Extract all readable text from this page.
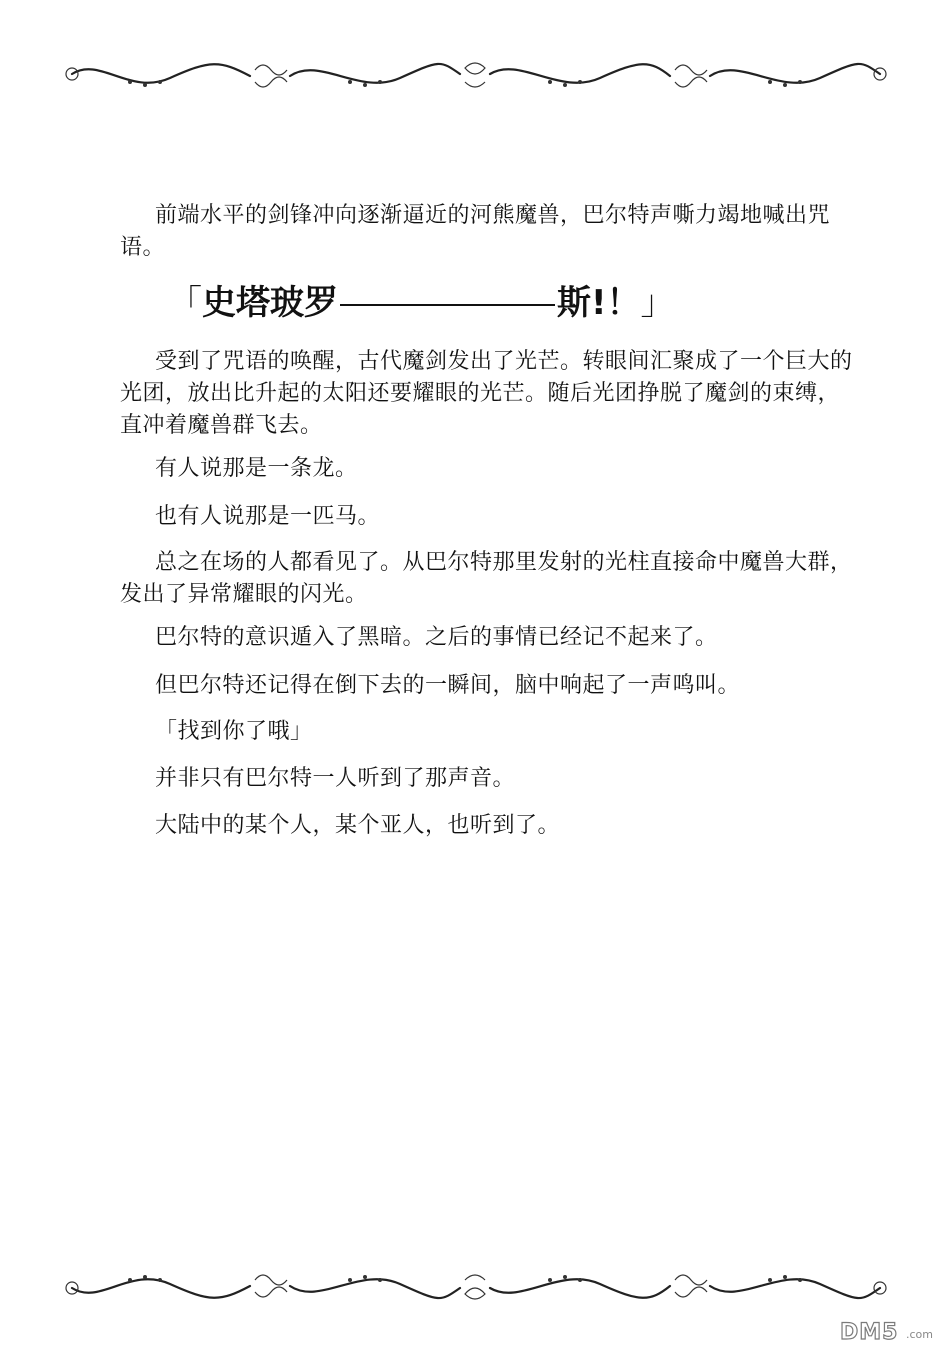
前端水平的剑锋冲向逐渐逼近的河熊魔兽，巴尔特声嘶力竭地喊出咒语。

「史塔玻罗	斯!！」

受到了咒语的唤醒，古代魔剑发出了光芒。转眼间汇聚成了一个巨大的光团，放出比升起的太阳还要耀眼的光芒。随后光团挣脱了魔剑的束缚，直冲着魔兽群飞去。

有人说那是一条龙。

也有人说那是一匹马。

总之在场的人都看见了。从巴尔特那里发射的光柱直接命中魔兽大群，发出了异常耀眼的闪光。

巴尔特的意识遁入了黑暗。之后的事情已经记不起来了。

但巴尔特还记得在倒下去的一瞬间，脑中响起了一声鸣叫。

「找到你了哦」

并非只有巴尔特一人听到了那声音。

大陆中的某个人，某个亚人，也听到了。

DM5 .com
